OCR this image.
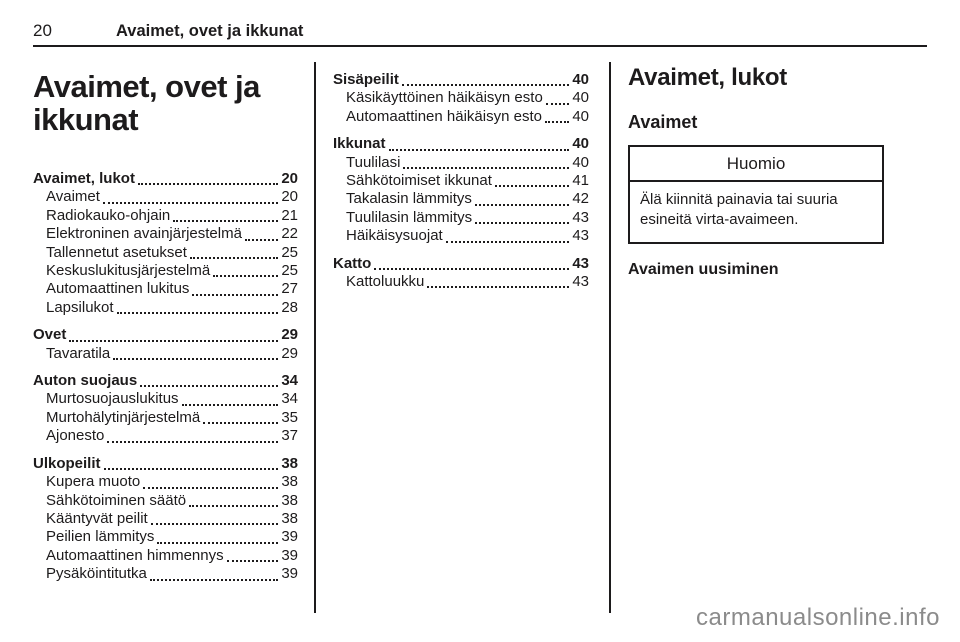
20	Avaimet, ovet ja ikkunat
Avaimet, ovet ja ikkunat
Avaimet, lukot	20
Avaimet	20
Radiokauko-ohjain	21
Elektroninen avainjärjestelmä	22
Tallennetut asetukset	25
Keskuslukitusjärjestelmä	25
Automaattinen lukitus	27
Lapsilukot	28
Ovet	29
Tavaratila	29
Auton suojaus	34
Murtosuojauslukitus	34
Murtohälytinjärjestelmä	35
Ajonesto	37
Ulkopeilit	38
Kupera muoto	38
Sähkötoiminen säätö	38
Kääntyvät peilit	38
Peilien lämmitys	39
Automaattinen himmennys	39
Pysäköintitutka	39
Sisäpeilit	40
Käsikäyttöinen häikäisyn esto 40
Automaattinen häikäisyn esto 40
Ikkunat	40
Tuulilasi	40
Sähkötoimiset ikkunat	41
Takalasin lämmitys	42
Tuulilasin lämmitys	43
Häikäisysuojat	43
Katto	43
Kattoluukku	43
Avaimet, lukot
Avaimet
Huomio
Älä kiinnitä painavia tai suuria esineitä virta-avaimeen.
Avaimen uusiminen

carmanualsonline.info
